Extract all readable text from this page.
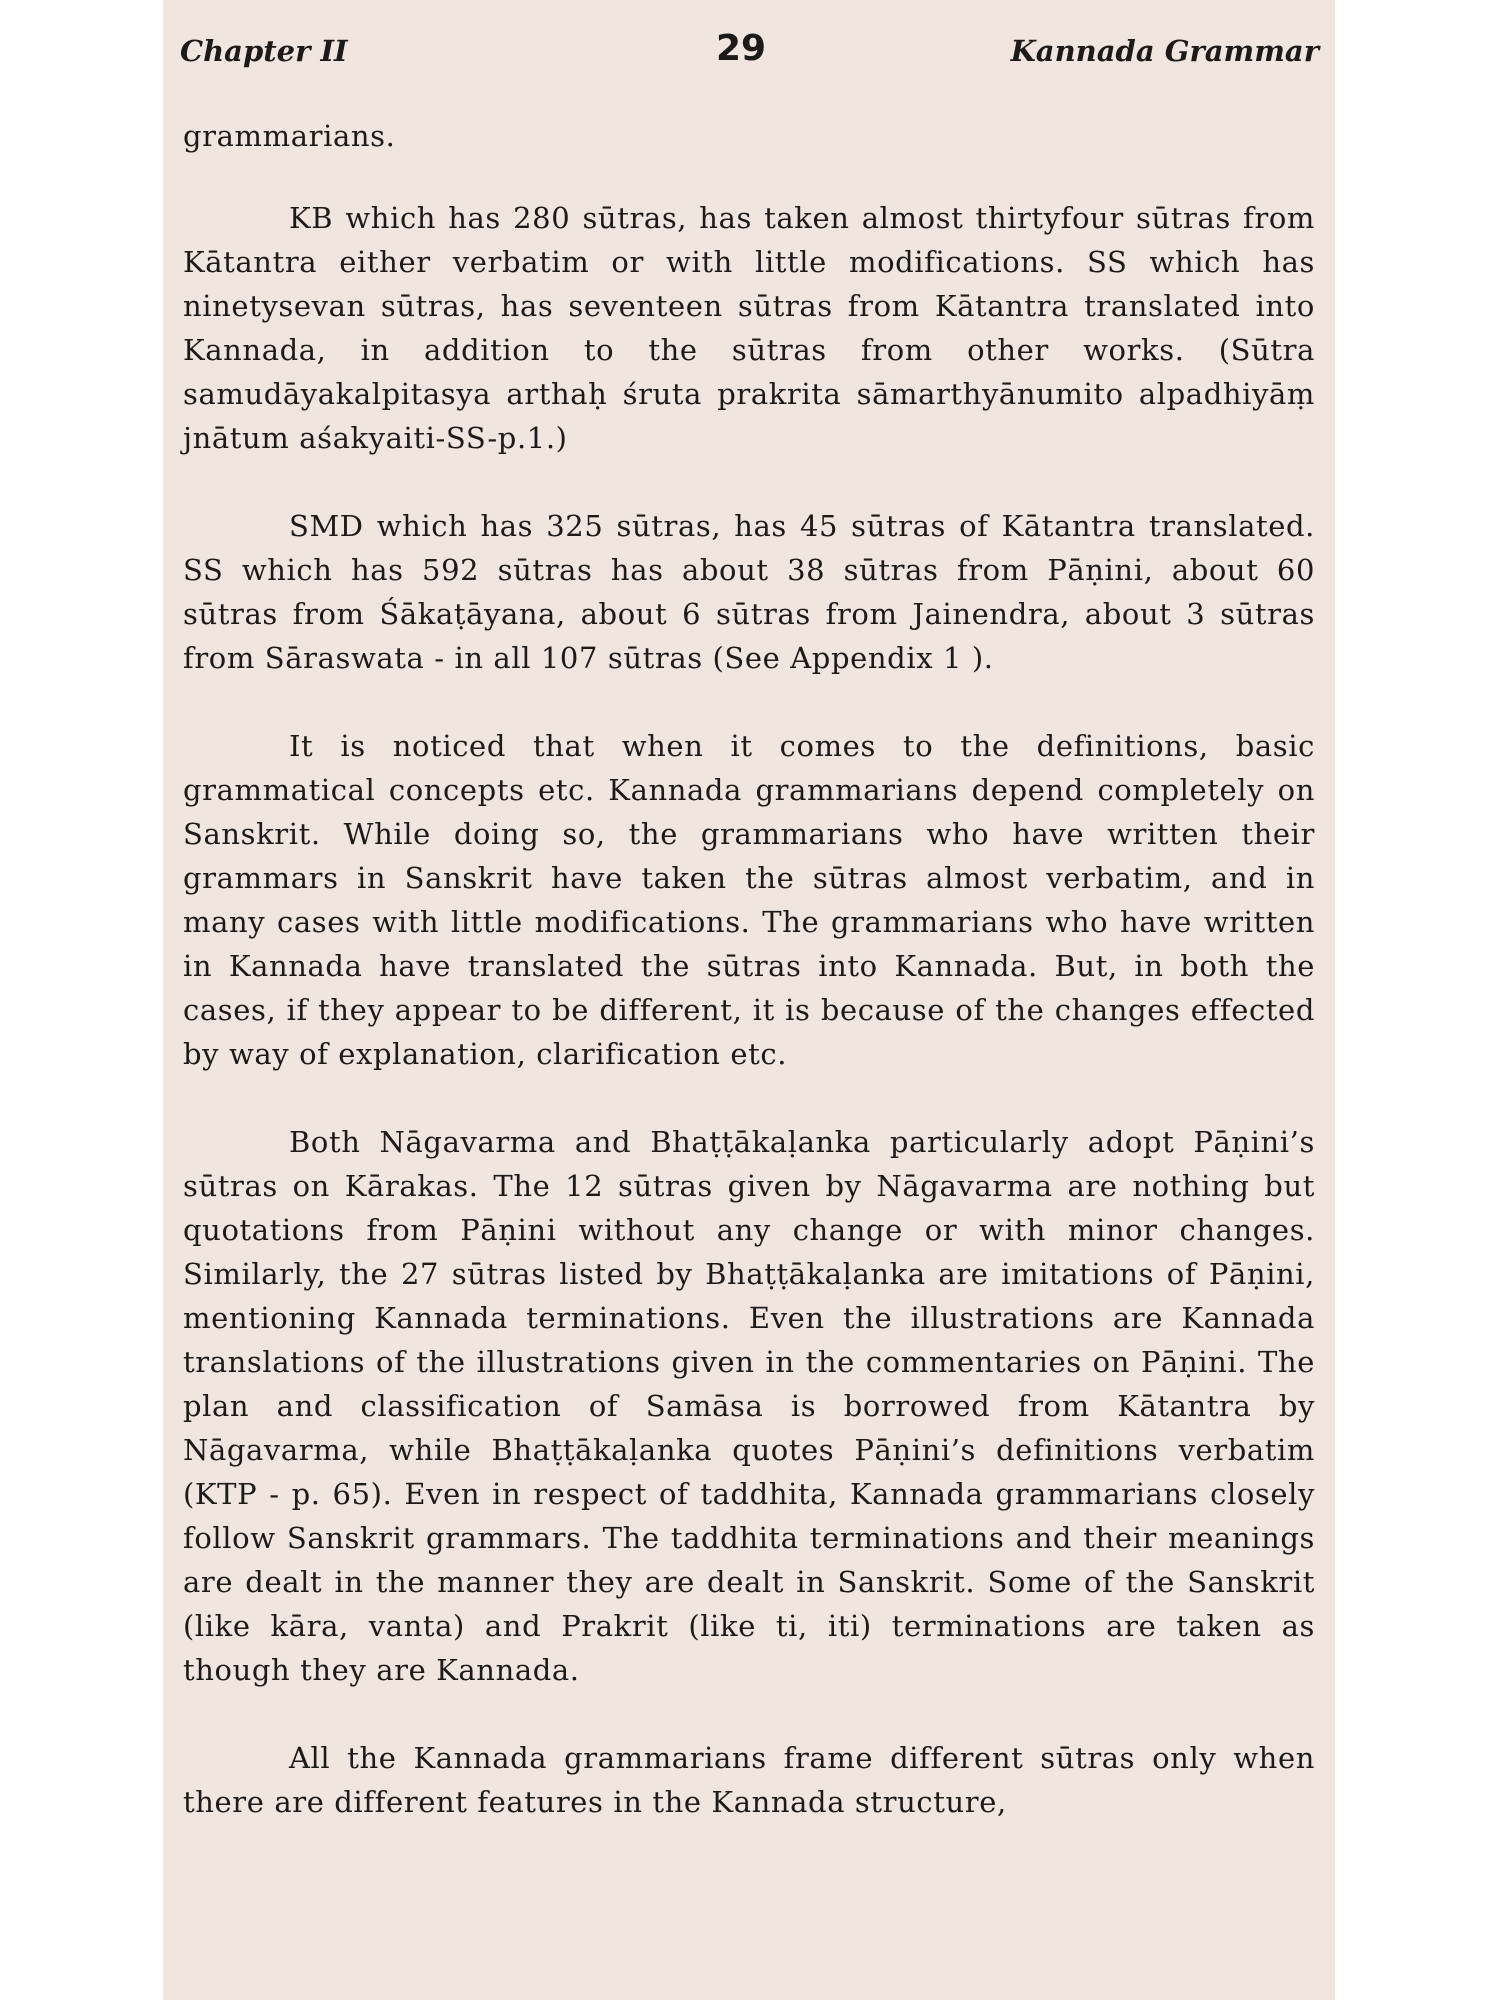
Chapter II	29	Kannada Grammar

grammarians.

KB which has 280 sūtras, has taken almost thirtyfour sūtras from Kātantra either verbatim or with little modifications. SS which has ninetysevan sūtras, has seventeen sūtras from Kātantra translated into Kannada, in addition to the sūtras from other works. (Sūtra samudāyakalpitasya arthaḥ śruta prakrita sāmarthyānumito alpadhiyāṃ jnātum aśakyaiti-SS-p.1.)

SMD which has 325 sūtras, has 45 sūtras of Kātantra translated. SS which has 592 sūtras has about 38 sūtras from Pāṇini, about 60 sūtras from Śākaṭāyana, about 6 sūtras from Jainendra, about 3 sūtras from Sāraswata - in all 107 sūtras (See Appendix 1 ).

It is noticed that when it comes to the definitions, basic grammatical concepts etc. Kannada grammarians depend completely on Sanskrit. While doing so, the grammarians who have written their grammars in Sanskrit have taken the sūtras almost verbatim, and in many cases with little modifications. The grammarians who have written in Kannada have translated the sūtras into Kannada. But, in both the cases, if they appear to be different, it is because of the changes effected by way of explanation, clarification etc.

Both Nāgavarma and Bhaṭṭākaḷanka particularly adopt Pāṇini’s sūtras on Kārakas. The 12 sūtras given by Nāgavarma are nothing but quotations from Pāṇini without any change or with minor changes. Similarly, the 27 sūtras listed by Bhaṭṭākaḷanka are imitations of Pāṇini, mentioning Kannada terminations. Even the illustrations are Kannada translations of the illustrations given in the commentaries on Pāṇini. The plan and classification of Samāsa is borrowed from Kātantra by Nāgavarma, while Bhaṭṭākaḷanka quotes Pāṇini’s definitions verbatim (KTP - p. 65). Even in respect of taddhita, Kannada grammarians closely follow Sanskrit grammars. The taddhita terminations and their meanings are dealt in the manner they are dealt in Sanskrit. Some of the Sanskrit (like kāra, vanta) and Prakrit (like ti, iti) terminations are taken as though they are Kannada.

All the Kannada grammarians frame different sūtras only when there are different features in the Kannada structure,
